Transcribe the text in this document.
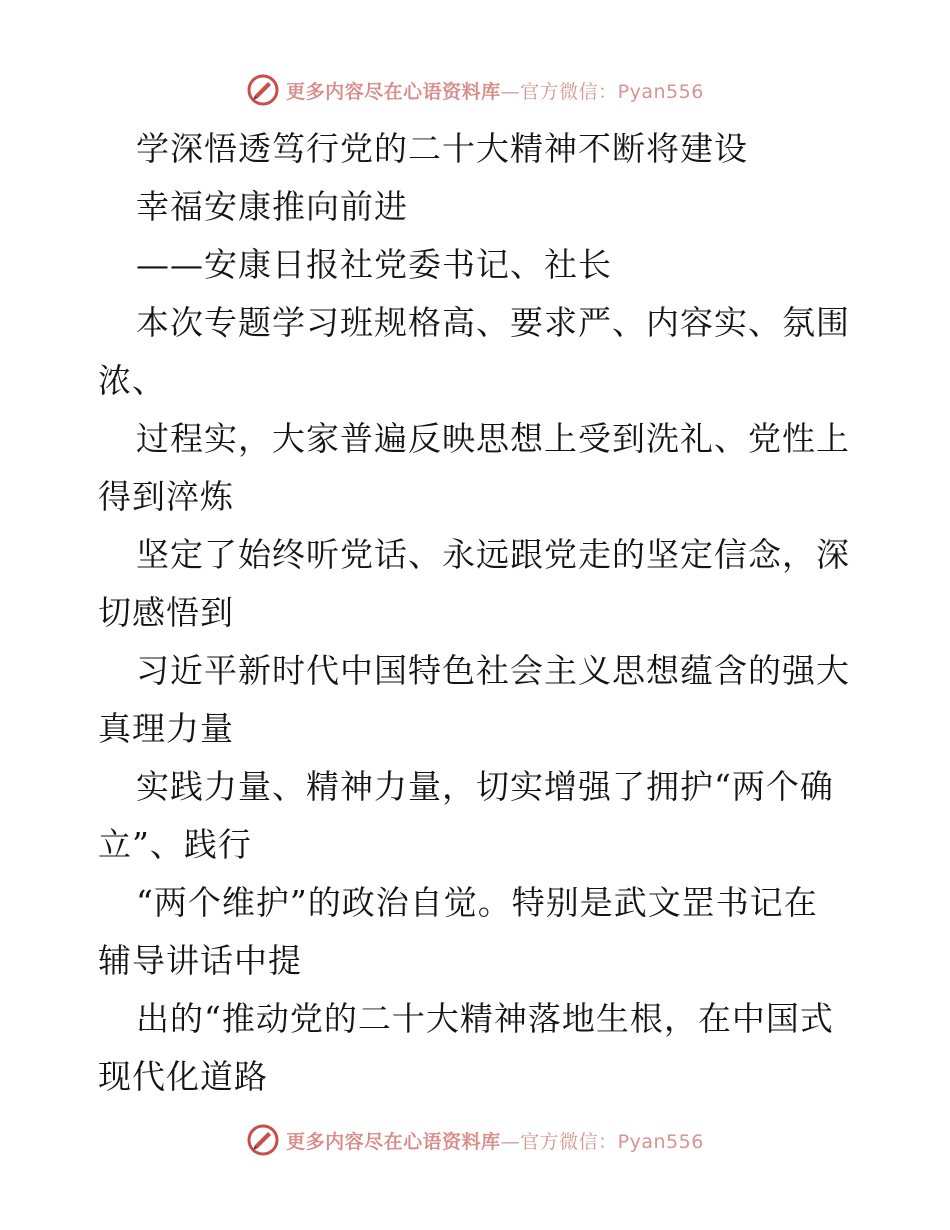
更多内容尽在心语资料库—官方微信：Pyan556
学深悟透笃行党的二十大精神不断将建设
幸福安康推向前进
——安康日报社党委书记、社长
本次专题学习班规格高、要求严、内容实、氛围
浓、
过程实，大家普遍反映思想上受到洗礼、党性上
得到淬炼
坚定了始终听党话、永远跟党走的坚定信念，深
切感悟到
习近平新时代中国特色社会主义思想蕴含的强大
真理力量
实践力量、精神力量，切实增强了拥护“两个确
立”、践行
“两个维护”的政治自觉。特别是武文罡书记在
辅导讲话中提
出的“推动党的二十大精神落地生根，在中国式
现代化道路
更多内容尽在心语资料库—官方微信：Pyan556
